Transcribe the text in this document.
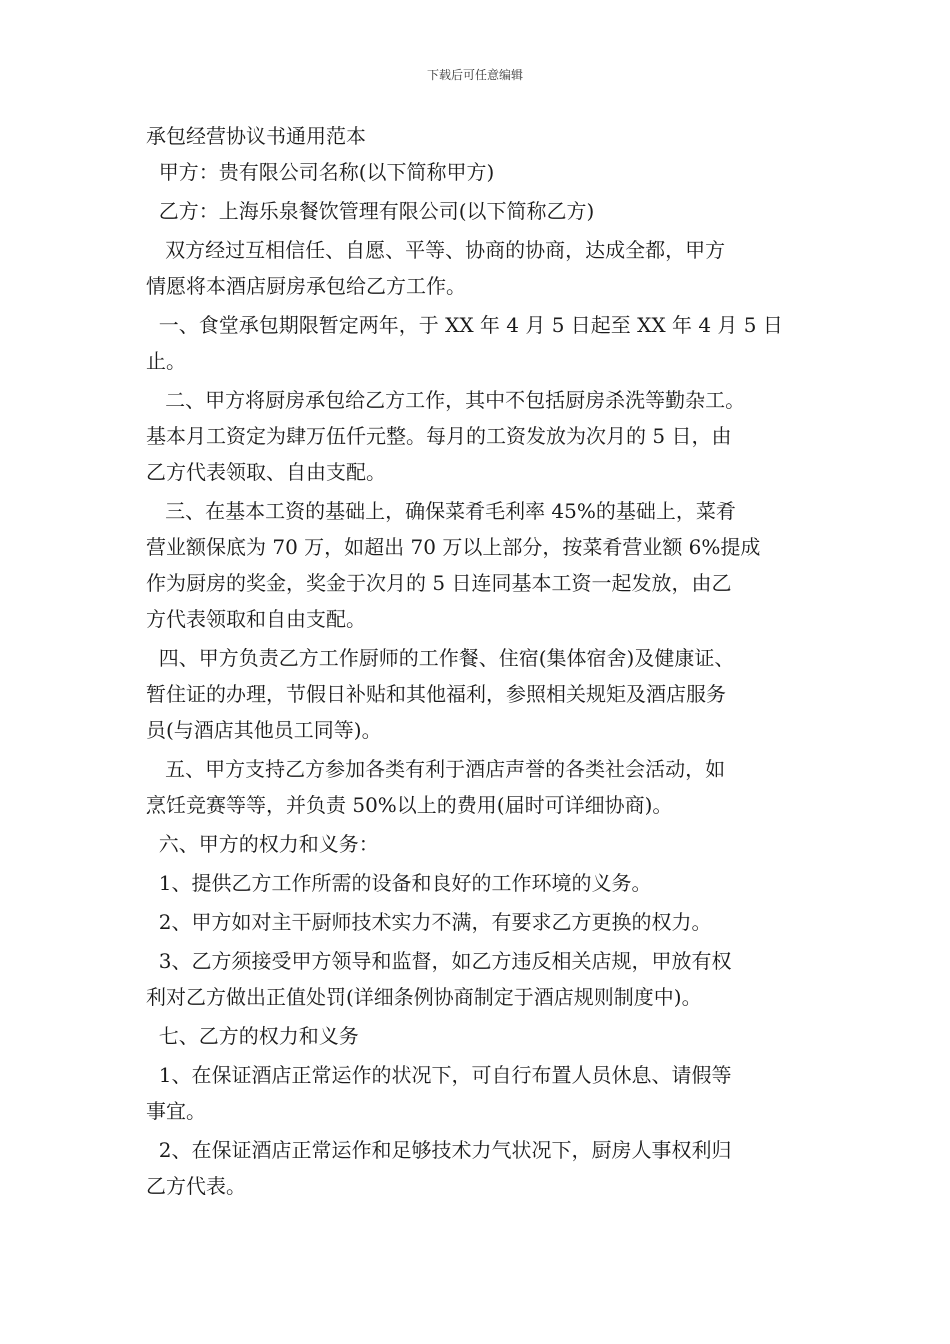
下载后可任意编辑
承包经营协议书通用范本
甲方：贵有限公司名称(以下简称甲方)
乙方：上海乐泉餐饮管理有限公司(以下简称乙方)
双方经过互相信任、自愿、平等、协商的协商，达成全都，甲方
情愿将本酒店厨房承包给乙方工作。
一、食堂承包期限暂定两年，于 XX 年 4 月 5 日起至 XX 年 4 月 5 日
止。
二、甲方将厨房承包给乙方工作，其中不包括厨房杀洗等勤杂工。
基本月工资定为肆万伍仟元整。每月的工资发放为次月的 5 日，由
乙方代表领取、自由支配。
三、在基本工资的基础上，确保菜肴毛利率 45%的基础上，菜肴
营业额保底为 70 万，如超出 70 万以上部分，按菜肴营业额 6%提成
作为厨房的奖金，奖金于次月的 5 日连同基本工资一起发放，由乙
方代表领取和自由支配。
四、甲方负责乙方工作厨师的工作餐、住宿(集体宿舍)及健康证、
暂住证的办理，节假日补贴和其他福利，参照相关规矩及酒店服务
员(与酒店其他员工同等)。
五、甲方支持乙方参加各类有利于酒店声誉的各类社会活动，如
烹饪竞赛等等，并负责 50%以上的费用(届时可详细协商)。
六、甲方的权力和义务：
1、提供乙方工作所需的设备和良好的工作环境的义务。
2、甲方如对主干厨师技术实力不满，有要求乙方更换的权力。
3、乙方须接受甲方领导和监督，如乙方违反相关店规，甲放有权
利对乙方做出正值处罚(详细条例协商制定于酒店规则制度中)。
七、乙方的权力和义务
1、在保证酒店正常运作的状况下，可自行布置人员休息、请假等
事宜。
2、在保证酒店正常运作和足够技术力气状况下，厨房人事权利归
乙方代表。
